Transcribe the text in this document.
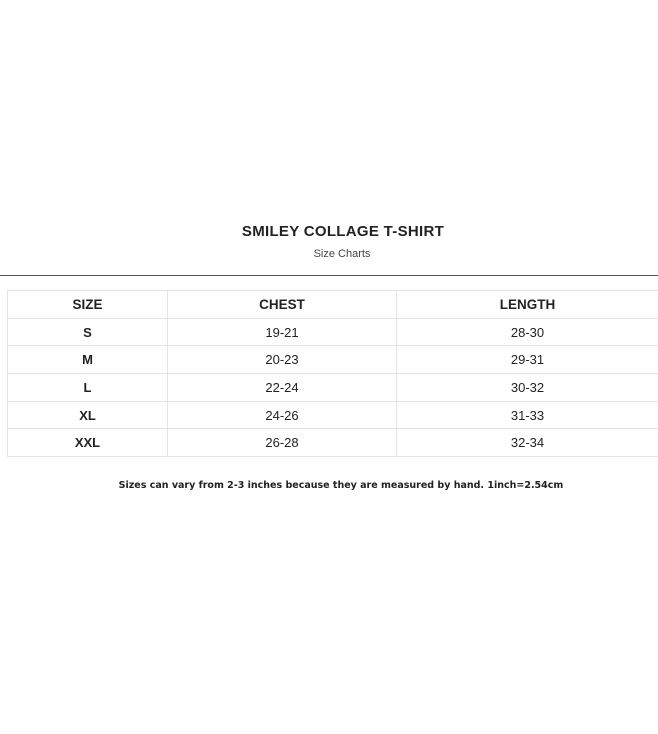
SMILEY COLLAGE T-SHIRT
Size Charts
SIZE	CHEST	LENGTH
S	19-21	28-30
M	20-23	29-31
L	22-24	30-32
XL	24-26	31-33
XXL	26-28	32-34
Sizes can vary from 2-3 inches because they are measured by hand. 1inch=2.54cm
